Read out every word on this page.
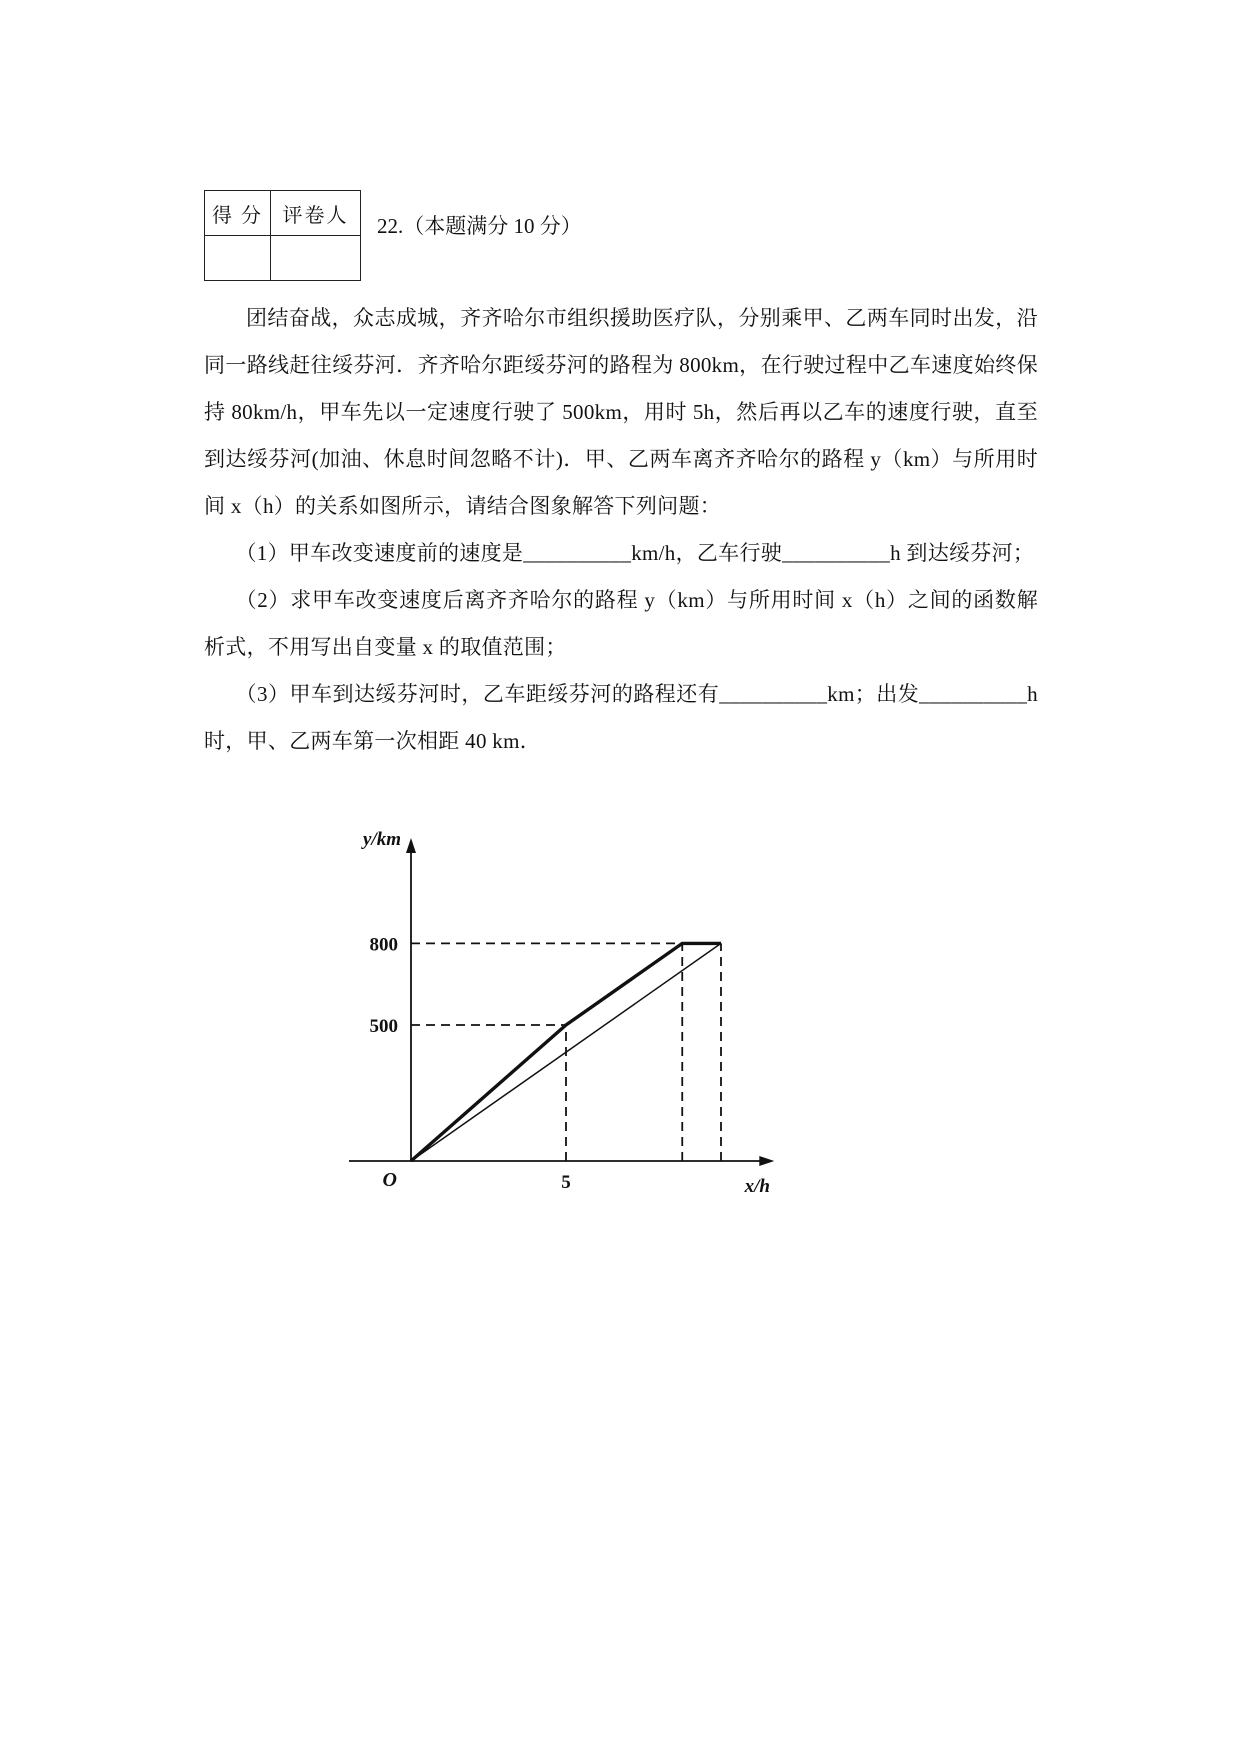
得 分	评卷人
	22.（本题满分 10 分）

团结奋战，众志成城，齐齐哈尔市组织援助医疗队，分别乘甲、乙两车同时出发，沿同一路线赶往绥芬河．齐齐哈尔距绥芬河的路程为 800km，在行驶过程中乙车速度始终保持 80km/h，甲车先以一定速度行驶了 500km，用时 5h，然后再以乙车的速度行驶，直至到达绥芬河(加油、休息时间忽略不计)．甲、乙两车离齐齐哈尔的路程 y（km）与所用时间 x（h）的关系如图所示，请结合图象解答下列问题：

（1）甲车改变速度前的速度是__________km/h，乙车行驶__________h 到达绥芬河；

（2）求甲车改变速度后离齐齐哈尔的路程 y（km）与所用时间 x（h）之间的函数解析式，不用写出自变量 x 的取值范围；

（3）甲车到达绥芬河时，乙车距绥芬河的路程还有__________km；出发__________h 时，甲、乙两车第一次相距 40 km．

500
800
5
O
y/km
x/h
